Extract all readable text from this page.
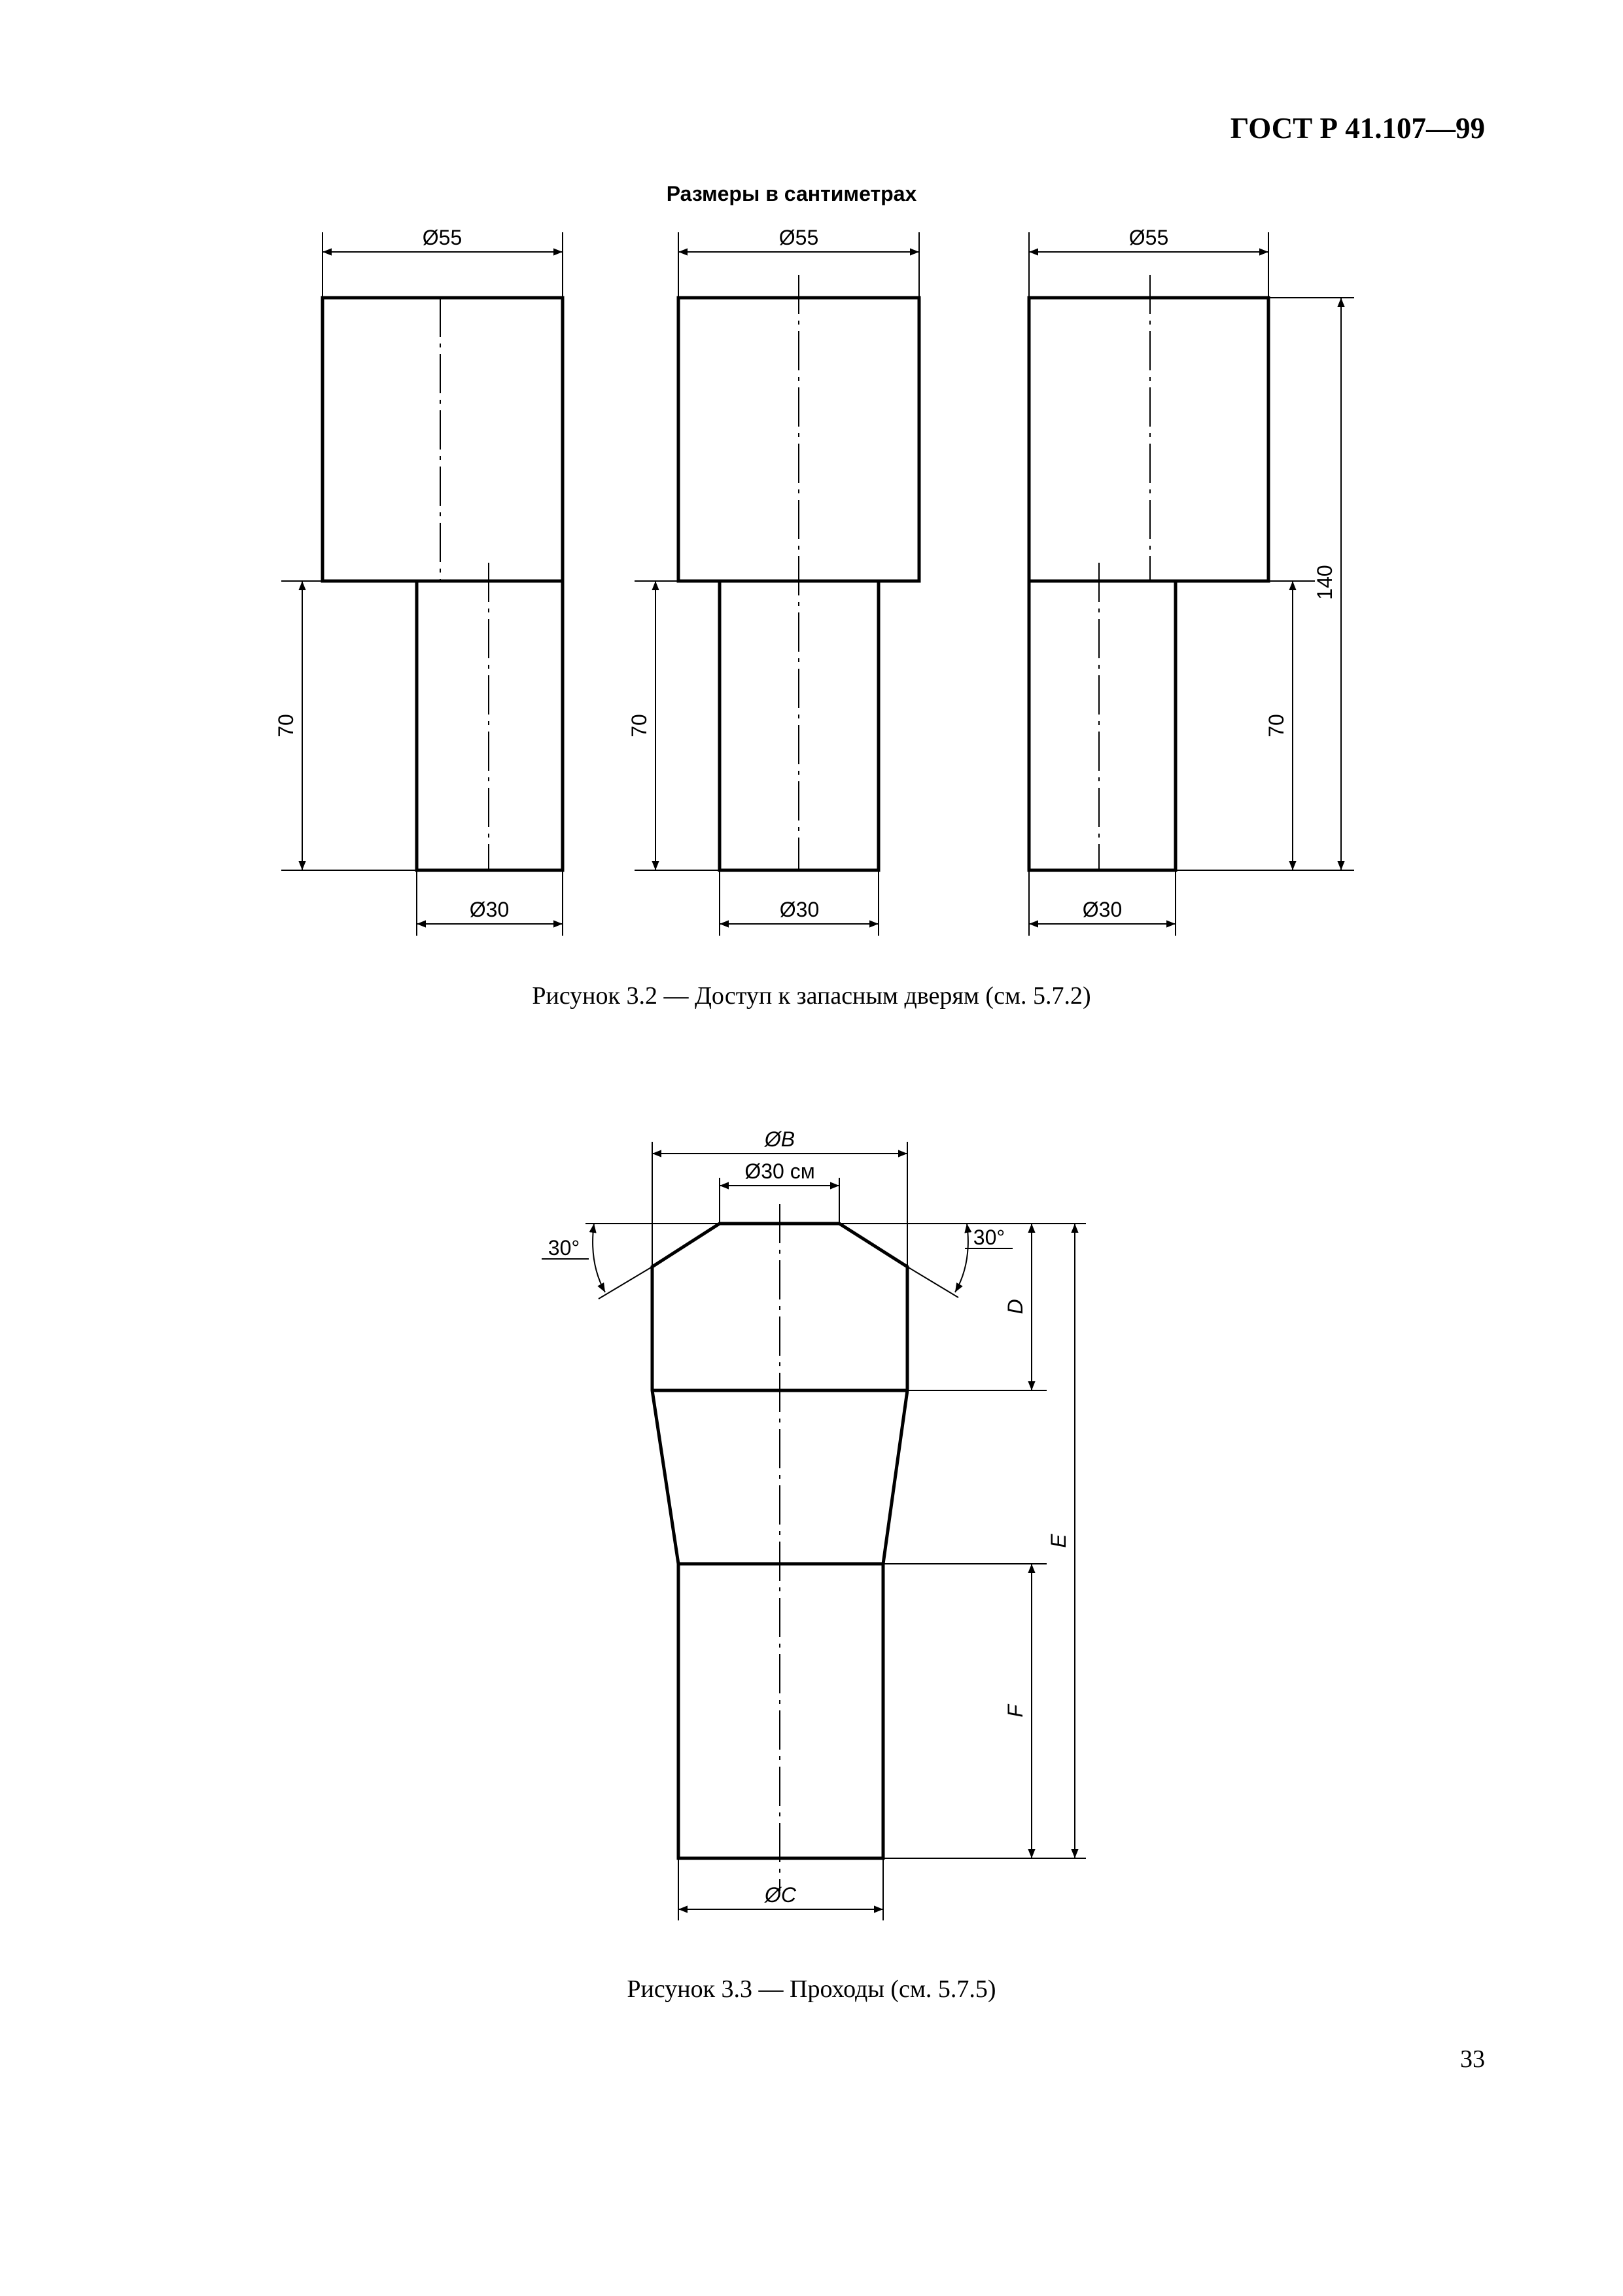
ГОСТ Р 41.107—99
Размеры в сантиметрах
Ø55
70
Ø30
Ø55
70
Ø30
Ø55
70
140
Ø30
ØB
Ø30 см
30°	30°
D
E
F
ØC
Рисунок 3.2 — Доступ к запасным дверям (см. 5.7.2)
Рисунок 3.3 — Проходы (см. 5.7.5)
33
